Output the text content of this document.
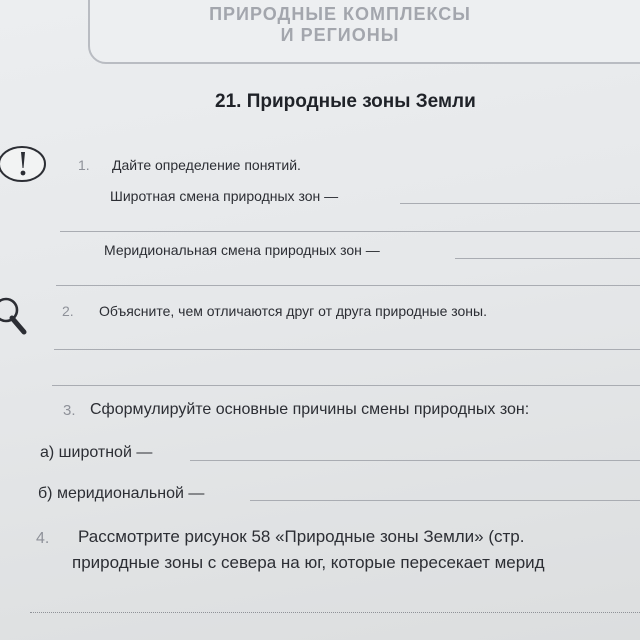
ПРИРОДНЫЕ КОМПЛЕКСЫ
И РЕГИОНЫ
21. Природные зоны Земли
1. Дайте определение понятий.
Широтная смена природных зон —
Меридиональная смена природных зон —
2. Объясните, чем отличаются друг от друга природные зоны.
3. Сформулируйте основные причины смены природных зон:
а) широтной —
б) меридиональной —
4. Рассмотрите рисунок 58 «Природные зоны Земли» (стр.
природные зоны с севера на юг, которые пересекает мерид
